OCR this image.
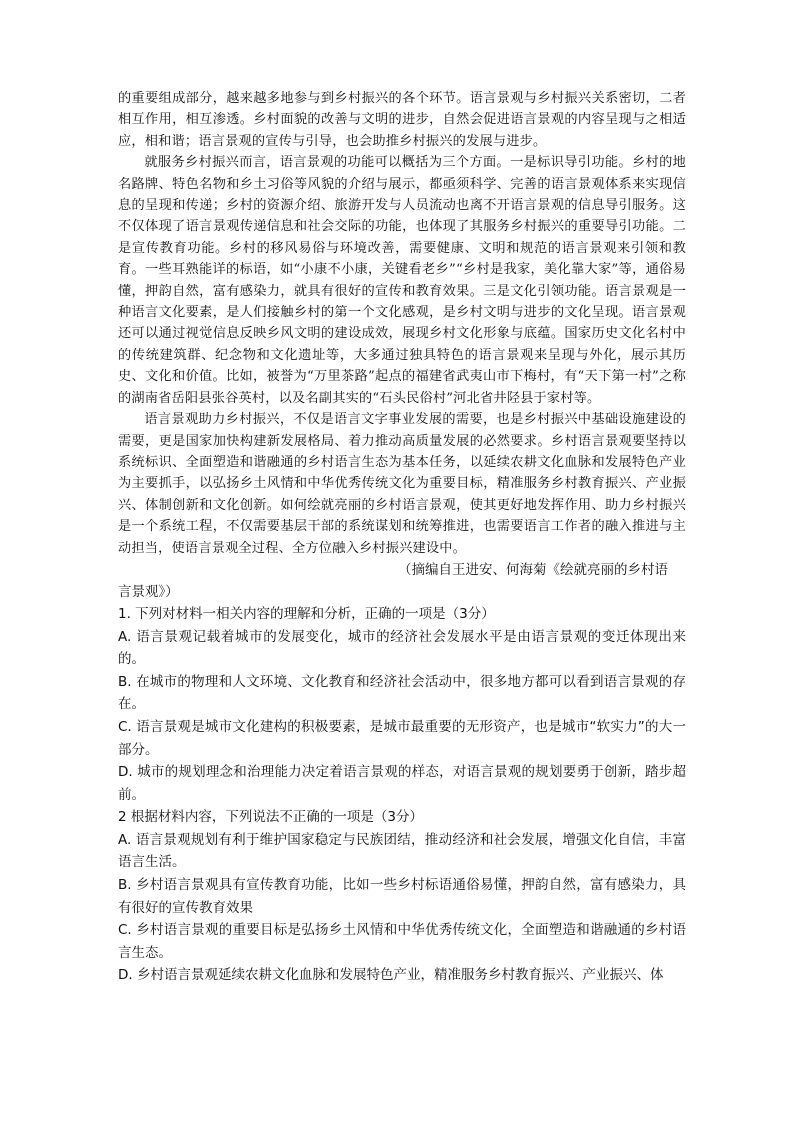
的重要组成部分，越来越多地参与到乡村振兴的各个环节。语言景观与乡村振兴关系密切，二者相互作用，相互渗透。乡村面貌的改善与文明的进步，自然会促进语言景观的内容呈现与之相适应，相和谐；语言景观的宣传与引导，也会助推乡村振兴的发展与进步。

就服务乡村振兴而言，语言景观的功能可以概括为三个方面。一是标识导引功能。乡村的地名路牌、特色名物和乡土习俗等风貌的介绍与展示，都亟须科学、完善的语言景观体系来实现信息的呈现和传递；乡村的资源介绍、旅游开发与人员流动也离不开语言景观的信息导引服务。这不仅体现了语言景观传递信息和社会交际的功能，也体现了其服务乡村振兴的重要导引功能。二是宣传教育功能。乡村的移风易俗与环境改善，需要健康、文明和规范的语言景观来引领和教育。一些耳熟能详的标语，如“小康不小康，关键看老乡”“乡村是我家，美化靠大家”等，通俗易懂，押韵自然，富有感染力，就具有很好的宣传和教育效果。三是文化引领功能。语言景观是一种语言文化要素，是人们接触乡村的第一个文化感观，是乡村文明与进步的文化呈现。语言景观还可以通过视觉信息反映乡风文明的建设成效，展现乡村文化形象与底蕴。国家历史文化名村中的传统建筑群、纪念物和文化遗址等，大多通过独具特色的语言景观来呈现与外化，展示其历史、文化和价值。比如，被誉为“万里茶路”起点的福建省武夷山市下梅村，有“天下第一村”之称的湖南省岳阳县张谷英村，以及名副其实的“石头民俗村”河北省井陉县于家村等。

语言景观助力乡村振兴，不仅是语言文字事业发展的需要，也是乡村振兴中基础设施建设的需要，更是国家加快构建新发展格局、着力推动高质量发展的必然要求。乡村语言景观要坚持以系统标识、全面塑造和谐融通的乡村语言生态为基本任务，以延续农耕文化血脉和发展特色产业为主要抓手，以弘扬乡土风情和中华优秀传统文化为重要目标，精准服务乡村教育振兴、产业振兴、体制创新和文化创新。如何绘就亮丽的乡村语言景观，使其更好地发挥作用、助力乡村振兴是一个系统工程，不仅需要基层干部的系统谋划和统筹推进，也需要语言工作者的融入推进与主动担当，使语言景观全过程、全方位融入乡村振兴建设中。

（摘编自王进安、何海菊《绘就亮丽的乡村语

言景观》）

1. 下列对材料一相关内容的理解和分析，正确的一项是（3分）

A. 语言景观记载着城市的发展变化，城市的经济社会发展水平是由语言景观的变迁体现出来的。

B. 在城市的物理和人文环境、文化教育和经济社会活动中，很多地方都可以看到语言景观的存在。

C. 语言景观是城市文化建构的积极要素，是城市最重要的无形资产，也是城市“软实力”的大一部分。

D. 城市的规划理念和治理能力决定着语言景观的样态，对语言景观的规划要勇于创新，踏步超前。

2 根据材料内容，下列说法不正确的一项是（3分）

A. 语言景观规划有利于维护国家稳定与民族团结，推动经济和社会发展，增强文化自信，丰富语言生活。

B. 乡村语言景观具有宣传教育功能，比如一些乡村标语通俗易懂，押韵自然，富有感染力，具有很好的宣传教育效果

C. 乡村语言景观的重要目标是弘扬乡土风情和中华优秀传统文化，全面塑造和谐融通的乡村语言生态。

D. 乡村语言景观延续农耕文化血脉和发展特色产业，精准服务乡村教育振兴、产业振兴、体
